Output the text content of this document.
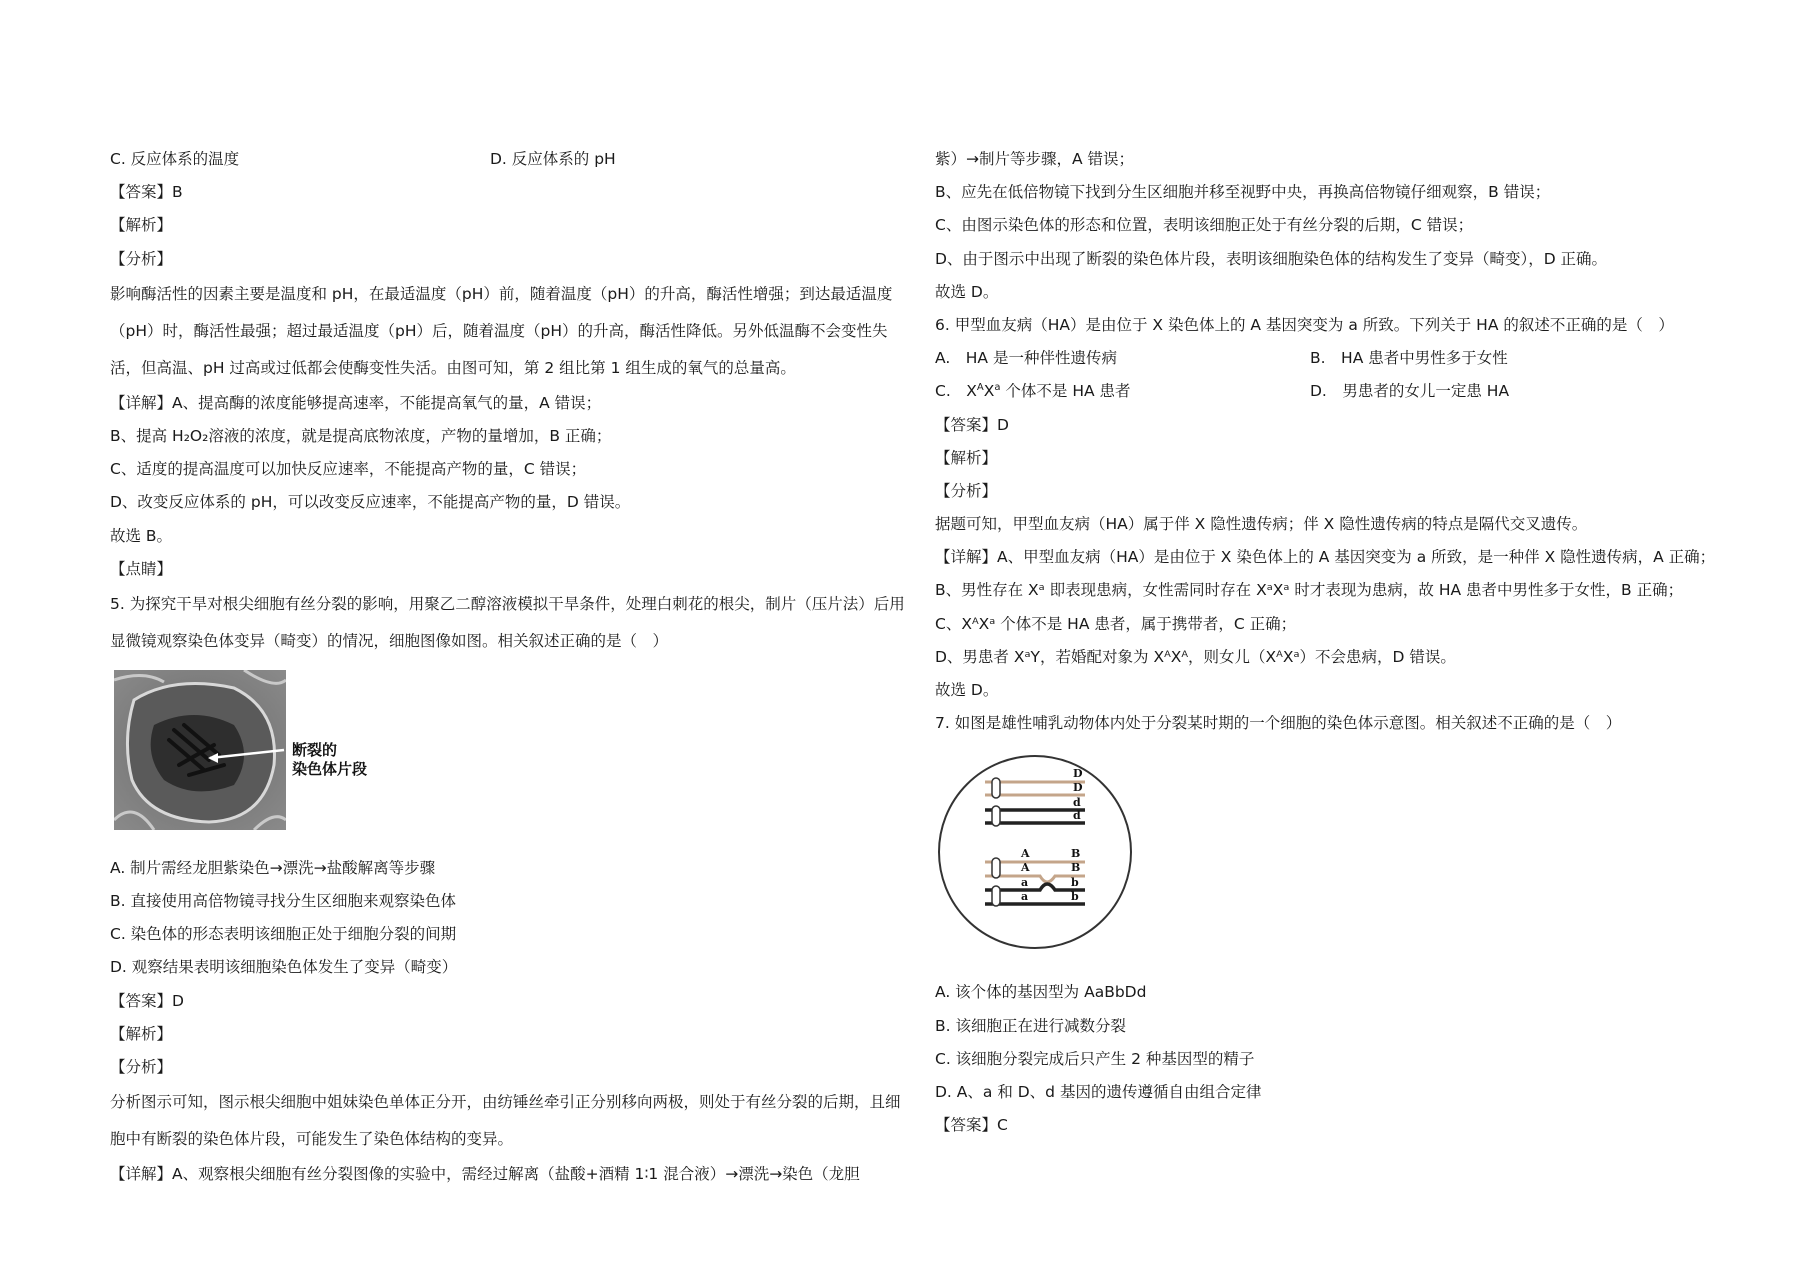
C. 反应体系的温度	D. 反应体系的 pH
【答案】B
【解析】
【分析】
影响酶活性的因素主要是温度和 pH，在最适温度（pH）前，随着温度（pH）的升高，酶活性增强；到达最适温度（pH）时，酶活性最强；超过最适温度（pH）后，随着温度（pH）的升高，酶活性降低。另外低温酶不会变性失活，但高温、pH 过高或过低都会使酶变性失活。由图可知，第 2 组比第 1 组生成的氧气的总量高。
【详解】A、提高酶的浓度能够提高速率，不能提高氧气的量，A 错误；
B、提高 H₂O₂溶液的浓度，就是提高底物浓度，产物的量增加，B 正确；
C、适度的提高温度可以加快反应速率，不能提高产物的量，C 错误；
D、改变反应体系的 pH，可以改变反应速率，不能提高产物的量，D 错误。
故选 B。
【点睛】
5. 为探究干旱对根尖细胞有丝分裂的影响，用聚乙二醇溶液模拟干旱条件，处理白刺花的根尖，制片（压片法）后用显微镜观察染色体变异（畸变）的情况，细胞图像如图。相关叙述正确的是（　）
断裂的
染色体片段
A. 制片需经龙胆紫染色→漂洗→盐酸解离等步骤
B. 直接使用高倍物镜寻找分生区细胞来观察染色体
C. 染色体的形态表明该细胞正处于细胞分裂的间期
D. 观察结果表明该细胞染色体发生了变异（畸变）
【答案】D
【解析】
【分析】
分析图示可知，图示根尖细胞中姐妹染色单体正分开，由纺锤丝牵引正分别移向两极，则处于有丝分裂的后期，且细胞中有断裂的染色体片段，可能发生了染色体结构的变异。
【详解】A、观察根尖细胞有丝分裂图像的实验中，需经过解离（盐酸+酒精 1∶1 混合液）→漂洗→染色（龙胆
紫）→制片等步骤，A 错误；
B、应先在低倍物镜下找到分生区细胞并移至视野中央，再换高倍物镜仔细观察，B 错误；
C、由图示染色体的形态和位置，表明该细胞正处于有丝分裂的后期，C 错误；
D、由于图示中出现了断裂的染色体片段，表明该细胞染色体的结构发生了变异（畸变），D 正确。
故选 D。
6. 甲型血友病（HA）是由位于 X 染色体上的 A 基因突变为 a 所致。下列关于 HA 的叙述不正确的是（　）
A.　HA 是一种伴性遗传病	B.　HA 患者中男性多于女性
C.　$X^AX^a$ 个体不是 HA 患者	D.　男患者的女儿一定患 HA
【答案】D
【解析】
【分析】
据题可知，甲型血友病（HA）属于伴 X 隐性遗传病；伴 X 隐性遗传病的特点是隔代交叉遗传。
【详解】A、甲型血友病（HA）是由位于 X 染色体上的 A 基因突变为 a 所致，是一种伴 X 隐性遗传病，A 正确；
B、男性存在 Xᵃ 即表现患病，女性需同时存在 XᵃXᵃ 时才表现为患病，故 HA 患者中男性多于女性，B 正确；
C、XᴬXᵃ 个体不是 HA 患者，属于携带者，C 正确；
D、男患者 XᵃY，若婚配对象为 XᴬXᴬ，则女儿（XᴬXᵃ）不会患病，D 错误。
故选 D。
7. 如图是雄性哺乳动物体内处于分裂某时期的一个细胞的染色体示意图。相关叙述不正确的是（　）
D
D
d
d
A	B
A	B
a	b
a	b
A. 该个体的基因型为 AaBbDd
B. 该细胞正在进行减数分裂
C. 该细胞分裂完成后只产生 2 种基因型的精子
D. A、a 和 D、d 基因的遗传遵循自由组合定律
【答案】C
